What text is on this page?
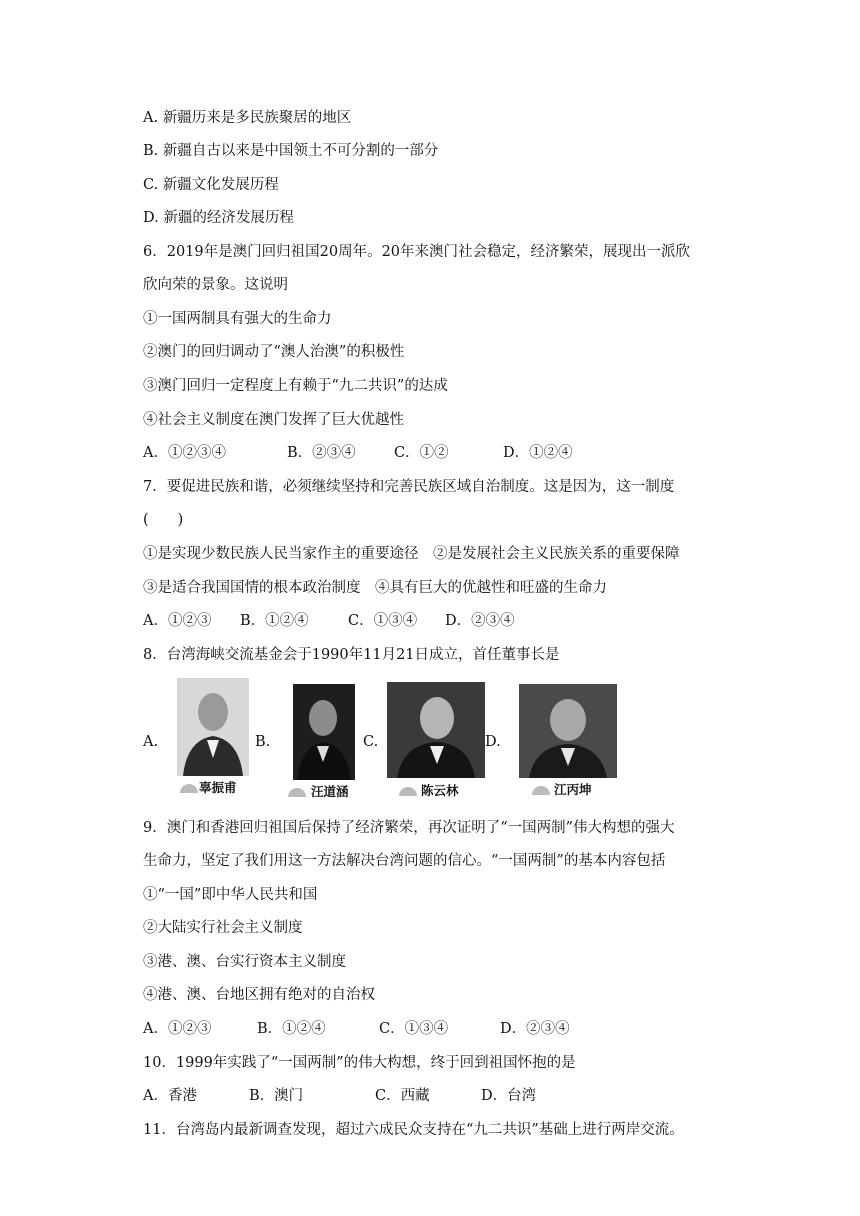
A. 新疆历来是多民族聚居的地区
B. 新疆自古以来是中国领土不可分割的一部分
C. 新疆文化发展历程
D. 新疆的经济发展历程
6．2019年是澳门回归祖国20周年。20年来澳门社会稳定，经济繁荣，展现出一派欣
欣向荣的景象。这说明
①一国两制具有强大的生命力
②澳门的回归调动了“澳人治澳”的积极性
③澳门回归一定程度上有赖于“九二共识”的达成
④社会主义制度在澳门发挥了巨大优越性
A．①②③④	B．②③④	C．①②	D．①②④
7．要促进民族和谐，必须继续坚持和完善民族区域自治制度。这是因为，这一制度
(　　)
①是实现少数民族人民当家作主的重要途径　②是发展社会主义民族关系的重要保障
③是适合我国国情的根本政治制度　④具有巨大的优越性和旺盛的生命力
A．①②③ B．①②④	C．①③④ D．②③④
8．台湾海峡交流基金会于1990年11月21日成立，首任董事长是
A.
辜振甫
B.
汪道涵
C.
陈云林
D.
江丙坤
9．澳门和香港回归祖国后保持了经济繁荣，再次证明了“一国两制”伟大构想的强大
生命力，坚定了我们用这一方法解决台湾问题的信心。“一国两制”的基本内容包括
①“一国”即中华人民共和国
②大陆实行社会主义制度
③港、澳、台实行资本主义制度
④港、澳、台地区拥有绝对的自治权
A．①②③	B．①②④	C．①③④	D．②③④
10．1999年实践了“一国两制”的伟大构想，终于回到祖国怀抱的是
A．香港	B．澳门	C．西藏	D．台湾
11．台湾岛内最新调查发现，超过六成民众支持在“九二共识”基础上进行两岸交流。
